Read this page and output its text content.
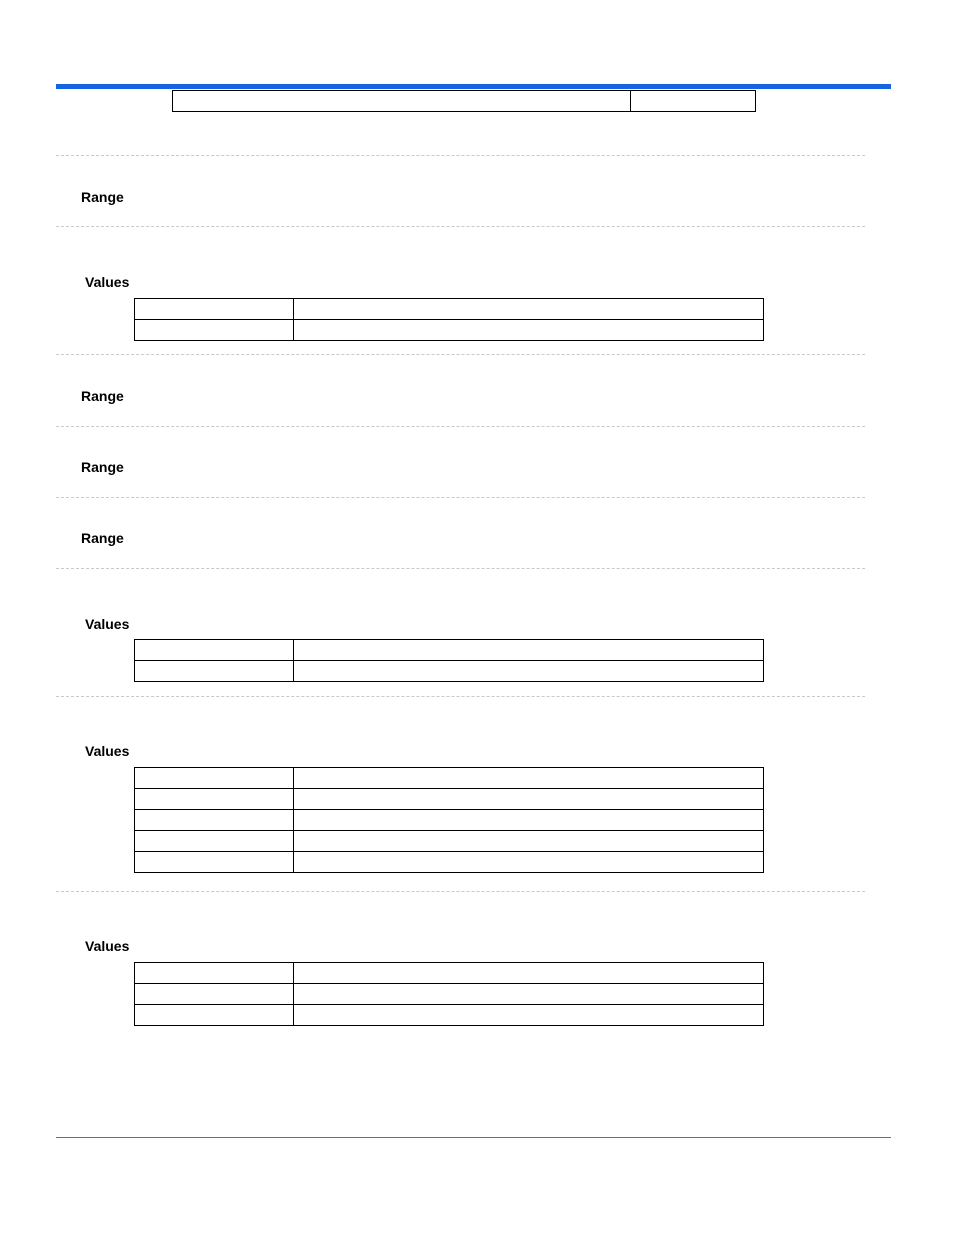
Range
Values

Range
Range
Range
Values

Values

Values
